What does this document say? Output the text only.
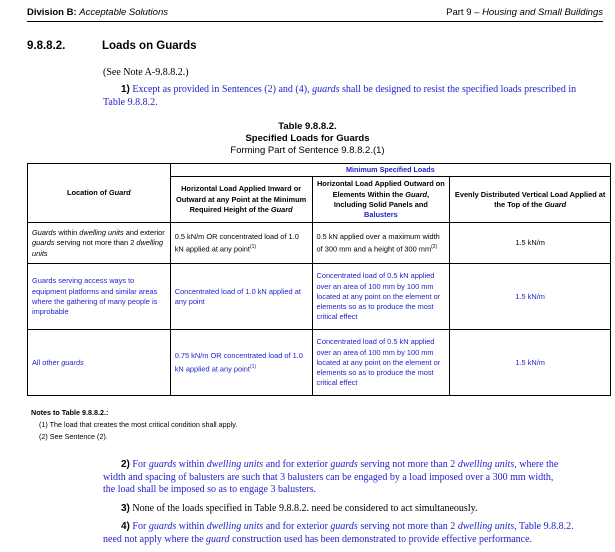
Division B: Acceptable Solutions	Part 9 – Housing and Small Buildings
9.8.8.2.	Loads on Guards
(See Note A-9.8.8.2.)
1) Except as provided in Sentences (2) and (4), guards shall be designed to resist the specified loads prescribed in
Table 9.8.8.2.
Table 9.8.8.2.
Specified Loads for Guards
Forming Part of Sentence 9.8.8.2.(1)
Location of Guard	Minimum Specified Loads	
	Horizontal Load Applied Inward or Outward at any Point at the Minimum Required Height of the Guard	Horizontal Load Applied Outward on Elements Within the Guard, Including Solid Panels and Balusters	Evenly Distributed Vertical Load Applied at the Top of the Guard
Guards within dwelling units and exterior guards serving not more than 2 dwelling units	0.5 kN/m OR concentrated load of 1.0 kN applied at any point$^{(1)}$	0.5 kN applied over a maximum width of 300 mm and a height of 300 $mm^{(2)}$	1.5 kN/m
Guards serving access ways to equipment platforms and similar areas where the gathering of many people is improbable	Concentrated load of 1.0 kN applied at any point	Concentrated load of 0.5 kN applied over an area of 100 mm by 100 mm located at any point on the element or elements so as to produce the most critical effect	1.5 kN/m
All other guards	0.75 kN/m OR concentrated load of 1.0 kN applied at any point$^{(1)}$	Concentrated load of 0.5 kN applied over an area of 100 mm by 100 mm located at any point on the element or elements so as to produce the most critical effect	1.5 kN/m
Notes to Table 9.8.8.2.:
(1) The load that creates the most critical condition shall apply.
(2) See Sentence (2).
2) For guards within dwelling units and for exterior guards serving not more than 2 dwelling units, where the
width and spacing of balusters are such that 3 balusters can be engaged by a load imposed over a 300 mm width,
the load shall be imposed so as to engage 3 balusters.
3) None of the loads specified in Table 9.8.8.2. need be considered to act simultaneously.
4) For guards within dwelling units and for exterior guards serving not more than 2 dwelling units, Table 9.8.8.2.
need not apply where the guard construction used has been demonstrated to provide effective performance.
